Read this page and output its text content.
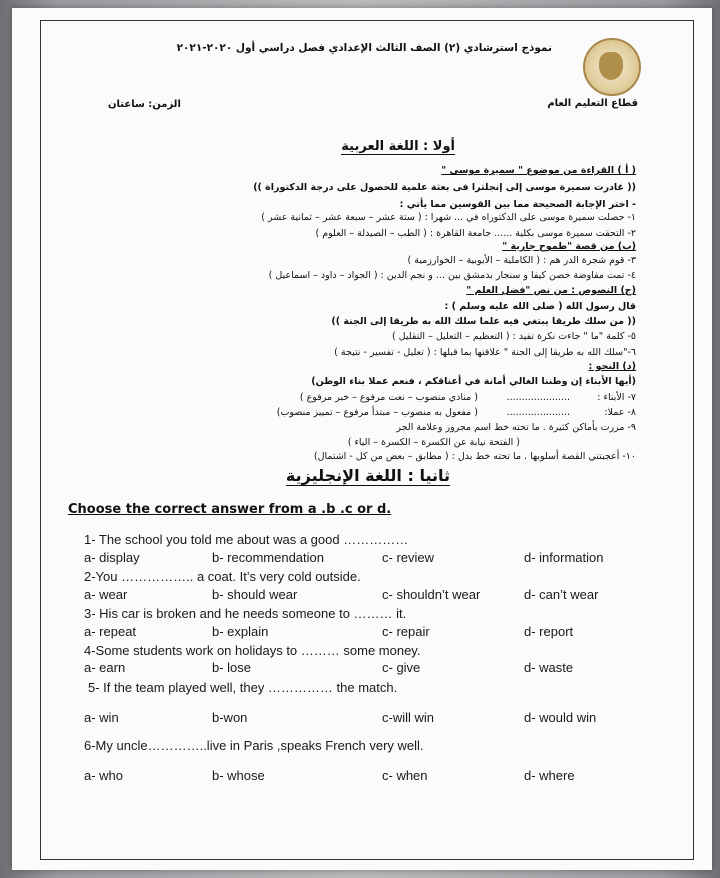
نموذج استرشادي (٢) الصف الثالث الإعدادي فصل دراسي أول ٢٠٢٠-٢٠٢١
قطاع التعليم العام
الزمن: ساعتان
أولا : اللغة العربية
( أ ) القراءة من موضوع " سميرة موسى "
(( غادرت سميرة موسى إلى إنجلترا فى بعثة علمية للحصول على درجة الدكتوراة ))
- اختر الإجابة الصحيحة مما بين القوسين مما يأتي :
١- حصلت سميرة موسى على الدكتوراه في ... شهرا : ( ستة عشر – سبعة عشر – ثمانية عشر )
٢- التحقت سميرة موسى بكلية ...... جامعة القاهرة : ( الطب – الصيدلة – العلوم )
(ب) من قصة "طموح جارية "
٣- قوم شجرة الدر هم : ( الكاملية – الأيوبية – الخوارزمية )
٤- تمت مفاوضة حصن كيفا و سنجار بدمشق بين ... و نجم الدين : ( الجواد – داود – اسماعيل )
(ج) النصوص : من نص "فضل العلم "
قال رسول الله ( صلى الله عليه وسلم ) :
(( من سلك طريقا يبتغي فيه علما سلك الله به طريقا إلى الجنة ))
٥- كلمة "ما " جاءت نكرة تفيد : ( التعظيم – التعليل – التقليل )
٦-"سلك الله به طريقا إلى الجنة " علاقتها بما قبلها : ( تعليل - تفسير - نتيجة )
(د) النحو :
(أيها الأبناء إن وطننا الغالي أمانة في أعناقكم ، فنعم عملا بناء الوطن)
٧- الأبناء :
.....................
( منادي منصوب – نعت مرفوع – خبر مرفوع )
٨- عملا:
.....................
( مفعول به منصوب – مبتدأ مرفوع – تمييز منصوب)
٩- مررت بأماكن كثيرة . ما تحته خط اسم مجرور وعلامة الجر
( الفتحة نيابة عن الكسرة – الكسرة – الياء )
١٠- أعجبتني القصة أسلوبها . ما تحته خط بدل : ( مطابق – بعض من كل - اشتمال)
ثانيا : اللغة الإنجليزية
Choose the correct answer from a .b .c or d.
1- The school you told me about was a good ……………
a- display	b- recommendation	c- review	d- information
2-You …………….. a coat. It’s very cold outside.
a- wear	b- should wear	c- shouldn’t wear	d- can’t wear
3- His car is broken and he needs someone to ……… it.
a- repeat	b- explain	c- repair	d- report
4-Some students work on holidays to ……… some money.
a- earn	b- lose	c- give	d- waste
5- If the team played well, they …………… the match.
a- win	b-won	c-will win	d- would win
6-My uncle…………..live in Paris ,speaks French very well.
a- who	b- whose	c- when	d- where
